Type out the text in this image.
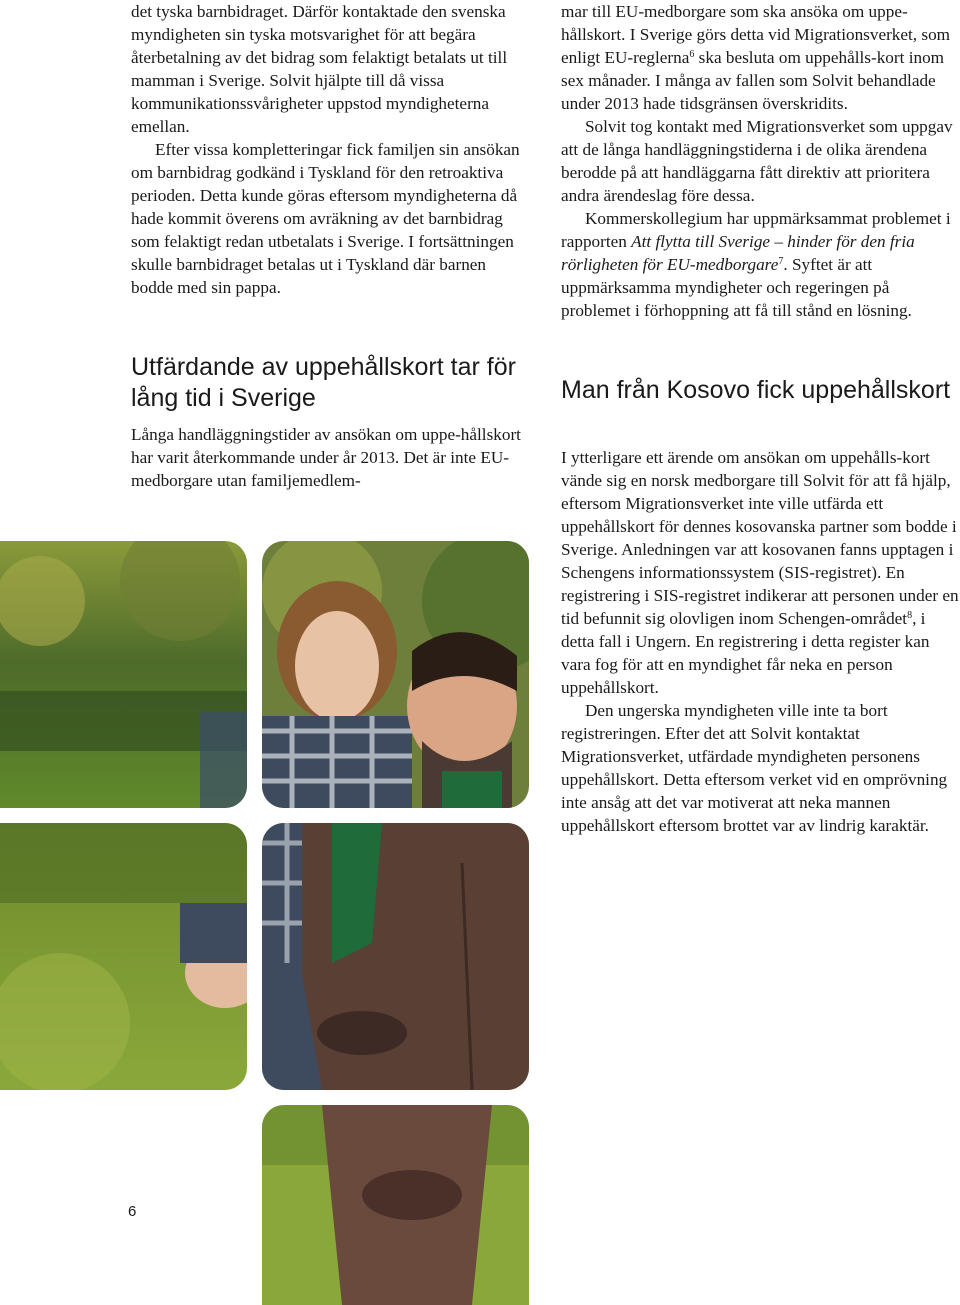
det tyska barnbidraget. Därför kontaktade den svenska myndigheten sin tyska motsvarighet för att begära återbetalning av det bidrag som felaktigt betalats ut till mamman i Sverige. Solvit hjälpte till då vissa kommunikationssvårigheter uppstod myndigheterna emellan.

Efter vissa kompletteringar fick familjen sin ansökan om barnbidrag godkänd i Tyskland för den retroaktiva perioden. Detta kunde göras eftersom myndigheterna då hade kommit överens om avräkning av det barnbidrag som felaktigt redan utbetalats i Sverige. I fortsättningen skulle barnbidraget betalas ut i Tyskland där barnen bodde med sin pappa.

Utfärdande av uppehållskort tar för lång tid i Sverige

Långa handläggningstider av ansökan om uppe-hållskort har varit återkommande under år 2013. Det är inte EU-medborgare utan familjemedlem-

mar till EU-medborgare som ska ansöka om uppe-hållskort. I Sverige görs detta vid Migrationsverket, som enligt EU-reglerna$^6$ ska besluta om uppehålls-kort inom sex månader. I många av fallen som Solvit behandlade under 2013 hade tidsgränsen överskridits.

Solvit tog kontakt med Migrationsverket som uppgav att de långa handläggningstiderna i de olika ärendena berodde på att handläggarna fått direktiv att prioritera andra ärendeslag före dessa.

Kommerskollegium har uppmärksammat problemet i rapporten Att flytta till Sverige – hinder för den fria rörligheten för EU-medborgare$^7$. Syftet är att uppmärksamma myndigheter och regeringen på problemet i förhoppning att få till stånd en lösning.

Man från Kosovo fick uppehållskort

I ytterligare ett ärende om ansökan om uppehålls-kort vände sig en norsk medborgare till Solvit för att få hjälp, eftersom Migrationsverket inte ville utfärda ett uppehållskort för dennes kosovanska partner som bodde i Sverige. Anledningen var att kosovanen fanns upptagen i Schengens informationssystem (SIS-registret). En registrering i SIS-registret indikerar att personen under en tid befunnit sig olovligen inom Schengen-området$^8$, i detta fall i Ungern. En registrering i detta register kan vara fog för att en myndighet får neka en person uppehållskort.

Den ungerska myndigheten ville inte ta bort registreringen. Efter det att Solvit kontaktat Migrationsverket, utfärdade myndigheten personens uppehållskort. Detta eftersom verket vid en omprövning inte ansåg att det var motiverat att neka mannen uppehållskort eftersom brottet var av lindrig karaktär.

6
